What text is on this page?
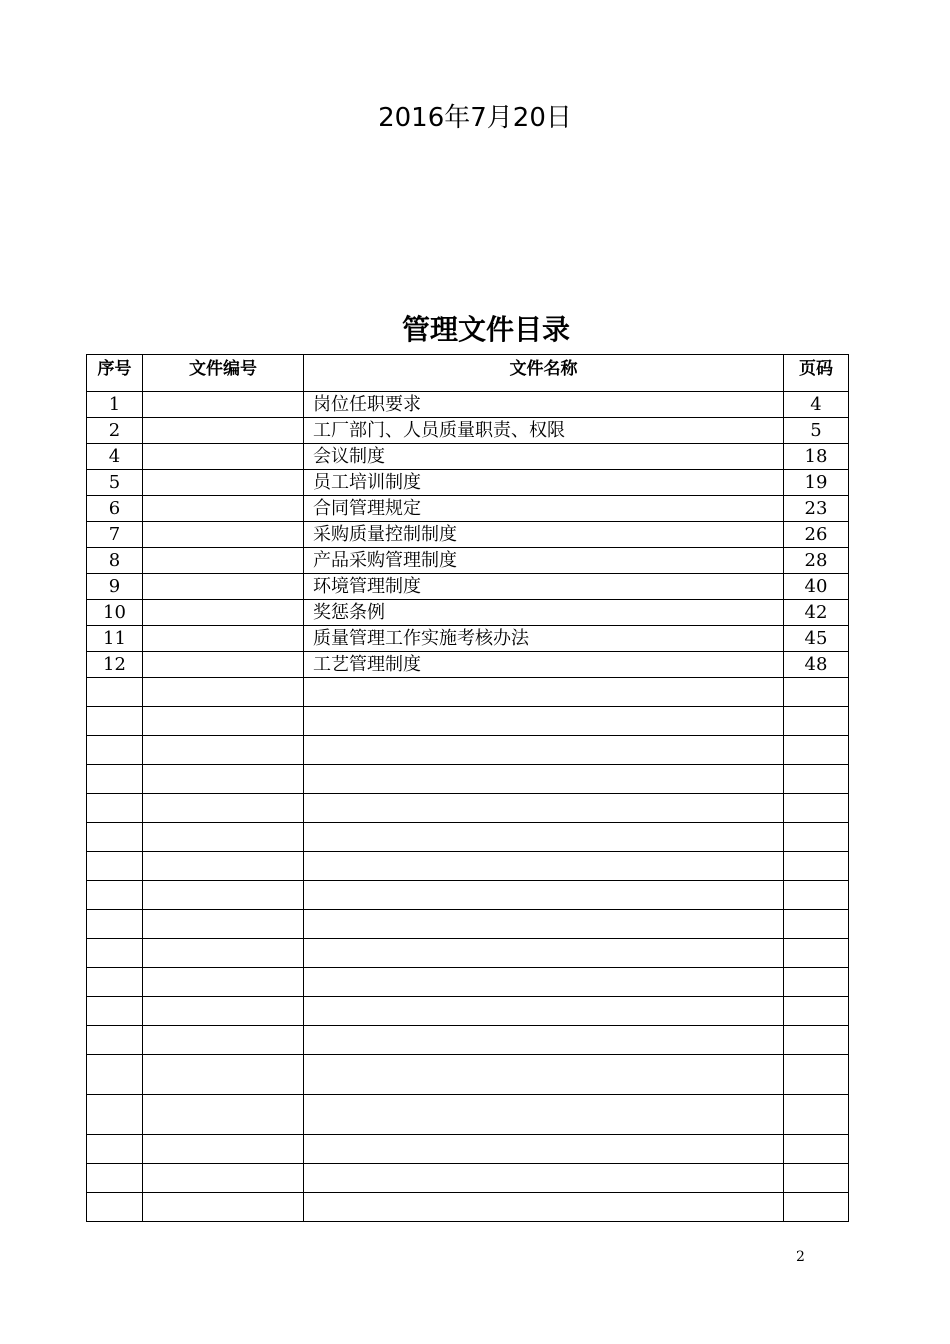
2016年7月20日
管理文件目录
序号	文件编号	文件名称	页码
1		岗位任职要求	4
2		工厂部门、人员质量职责、权限	5
4		会议制度	18
5		员工培训制度	19
6		合同管理规定	23
7		采购质量控制制度	26
8		产品采购管理制度	28
9		环境管理制度	40
10		奖惩条例	42
11		质量管理工作实施考核办法	45
12		工艺管理制度	48

2
